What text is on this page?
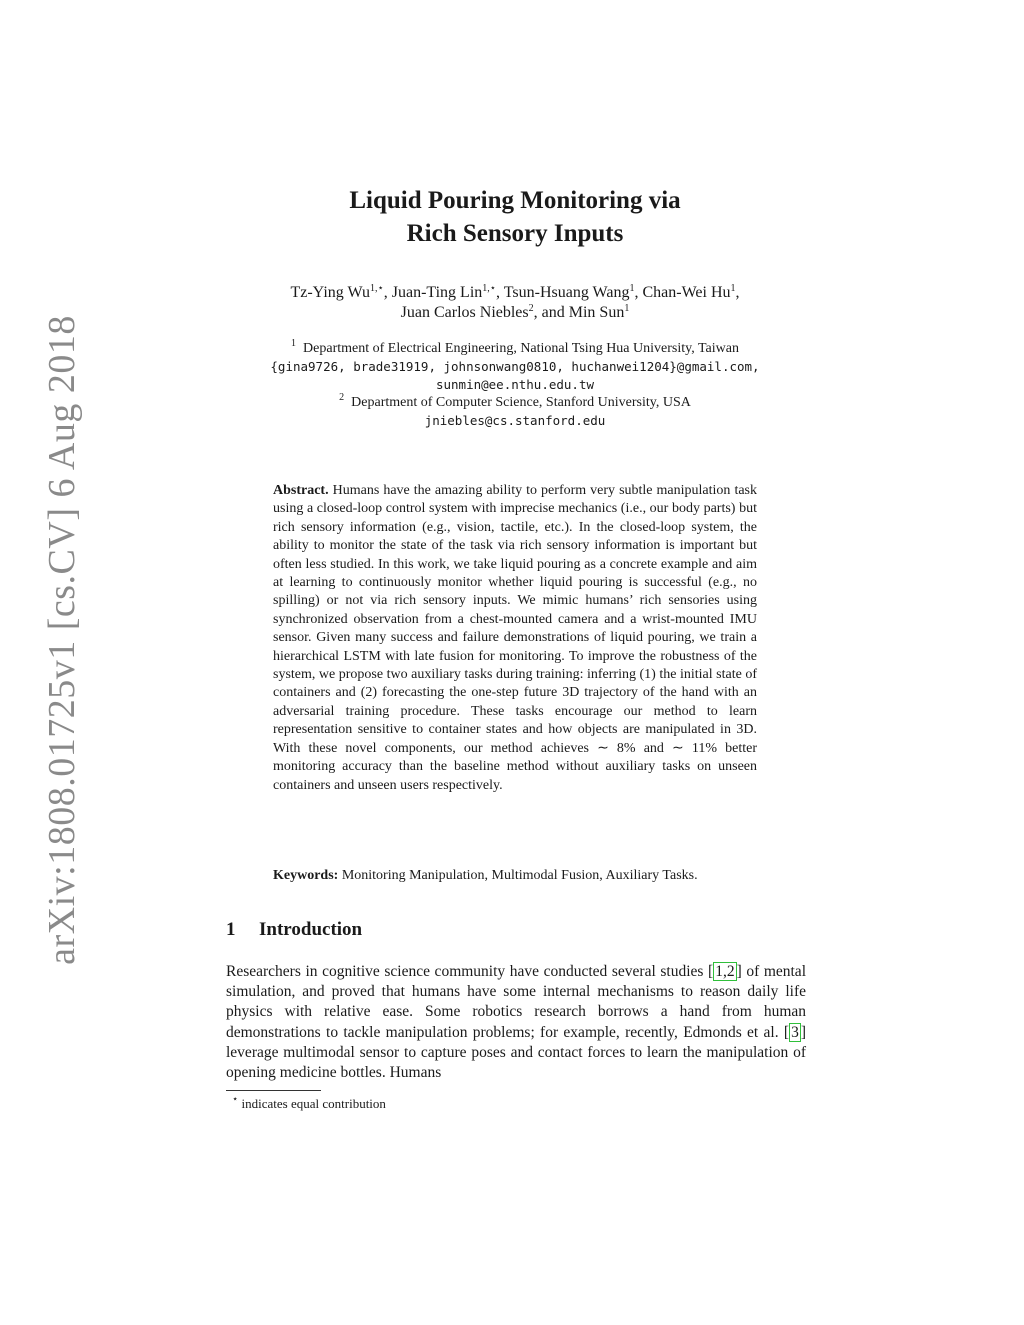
arXiv:1808.01725v1 [cs.CV] 6 Aug 2018
Liquid Pouring Monitoring via
Rich Sensory Inputs
Tz-Ying $Wu^{1,⋆}$, Juan-Ting Lin$^{1,⋆}$, Tsun-Hsuang Wang$^1$, Chan-Wei Hu$^1$,
Juan Carlos Niebles$^2$, and Min Sun$^1$
$^1$ Department of Electrical Engineering, National Tsing Hua University, Taiwan
{gina9726, brade31919, johnsonwang0810, huchanwei1204}@gmail.com,
sunmin@ee.nthu.edu.tw
$^2$ Department of Computer Science, Stanford University, USA
jniebles@cs.stanford.edu
Abstract. Humans have the amazing ability to perform very subtle manipulation task using a closed-loop control system with imprecise mechanics (i.e., our body parts) but rich sensory information (e.g., vision, tactile, etc.). In the closed-loop system, the ability to monitor the state of the task via rich sensory information is important but often less studied. In this work, we take liquid pouring as a concrete example and aim at learning to continuously monitor whether liquid pouring is successful (e.g., no spilling) or not via rich sensory inputs. We mimic humans’ rich sensories using synchronized observation from a chest-mounted camera and a wrist-mounted IMU sensor. Given many success and failure demonstrations of liquid pouring, we train a hierarchical LSTM with late fusion for monitoring. To improve the robustness of the system, we propose two auxiliary tasks during training: inferring (1) the initial state of containers and (2) forecasting the one-step future 3D trajectory of the hand with an adversarial training procedure. These tasks encourage our method to learn representation sensitive to container states and how objects are manipulated in 3D. With these novel components, our method achieves ∼ 8% and ∼ 11% better monitoring accuracy than the baseline method without auxiliary tasks on unseen containers and unseen users respectively.
Keywords: Monitoring Manipulation, Multimodal Fusion, Auxiliary Tasks.
1 Introduction
Researchers in cognitive science community have conducted several studies [ 1,2 ] of mental simulation, and proved that humans have some internal mechanisms to reason daily life physics with relative ease. Some robotics research borrows a hand from human demonstrations to tackle manipulation problems; for example, recently, Edmonds et al. [ 3 ] leverage multimodal sensor to capture poses and contact forces to learn the manipulation of opening medicine bottles. Humans
⋆ indicates equal contribution
